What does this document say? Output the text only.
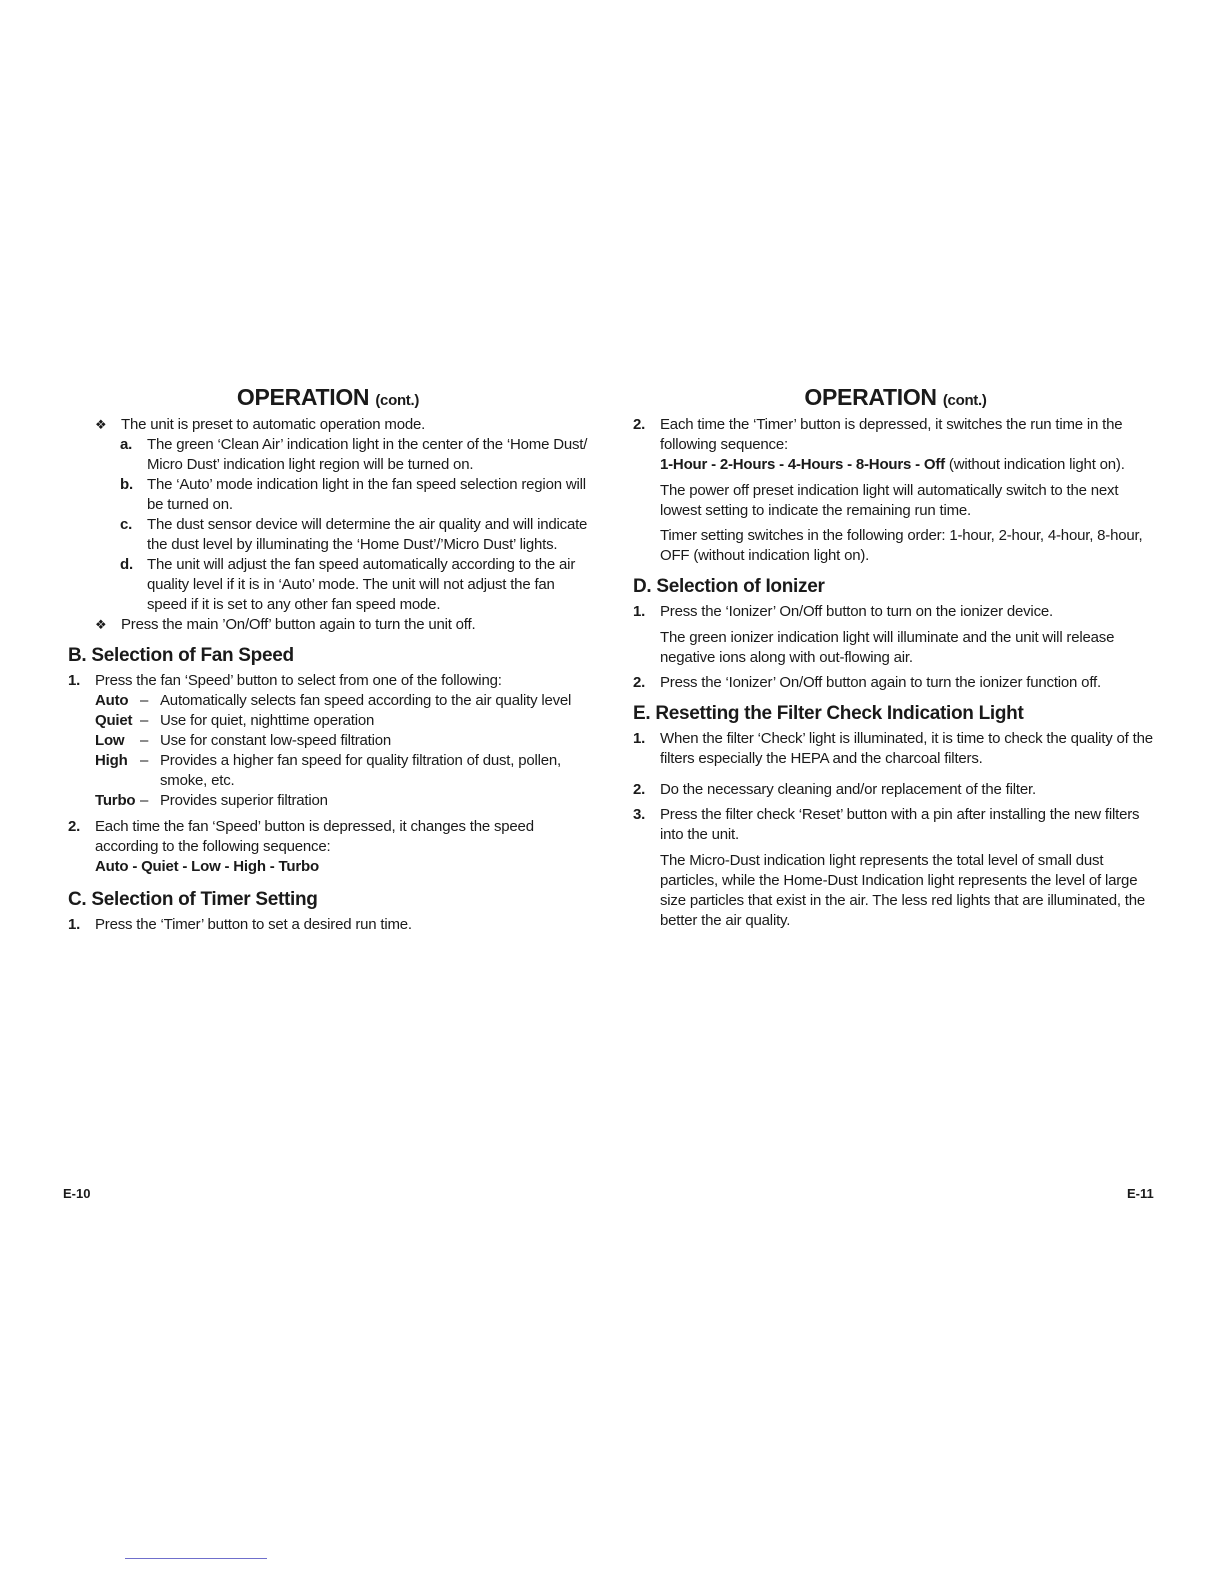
OPERATION (cont.)
❖ The unit is preset to automatic operation mode.
a. The green ‘Clean Air’ indication light in the center of the ‘Home Dust/ Micro Dust’ indication light region will be turned on.
b. The ‘Auto’ mode indication light in the fan speed selection region will be turned on.
c. The dust sensor device will determine the air quality and will indicate the dust level by illuminating the ‘Home Dust’/’Micro Dust’ lights.
d. The unit will adjust the fan speed automatically according to the air quality level if it is in ‘Auto’ mode. The unit will not adjust the fan speed if it is set to any other fan speed mode.
❖ Press the main ’On/Off’ button again to turn the unit off.
B. Selection of Fan Speed
1. Press the fan ‘Speed’ button to select from one of the following:
Auto – Automatically selects fan speed according to the air quality level
Quiet – Use for quiet, nighttime operation
Low	– Use for constant low-speed filtration
High – Provides a higher fan speed for quality filtration of dust, pollen, smoke, etc.
Turbo – Provides superior filtration
2. Each time the fan ‘Speed’ button is depressed, it changes the speed according to the following sequence:
Auto - Quiet - Low - High - Turbo
C. Selection of Timer Setting
1. Press the ‘Timer’ button to set a desired run time.
OPERATION (cont.)
2. Each time the ‘Timer’ button is depressed, it switches the run time in the following sequence:
1-Hour - 2-Hours - 4-Hours - 8-Hours - Off (without indication light on).
The power off preset indication light will automatically switch to the next lowest setting to indicate the remaining run time.
Timer setting switches in the following order: 1-hour, 2-hour, 4-hour, 8-hour, OFF (without indication light on).
D. Selection of Ionizer
1. Press the ‘Ionizer’ On/Off button to turn on the ionizer device.
The green ionizer indication light will illuminate and the unit will release negative ions along with out-flowing air.
2. Press the ‘Ionizer’ On/Off button again to turn the ionizer function off.
E. Resetting the Filter Check Indication Light
1. When the filter ‘Check’ light is illuminated, it is time to check the quality of the filters especially the HEPA and the charcoal filters.
2. Do the necessary cleaning and/or replacement of the filter.
3. Press the filter check ‘Reset’ button with a pin after installing the new filters into the unit.
The Micro-Dust indication light represents the total level of small dust particles, while the Home-Dust Indication light represents the level of large size particles that exist in the air. The less red lights that are illuminated, the better the air quality.
E-10	E-11
